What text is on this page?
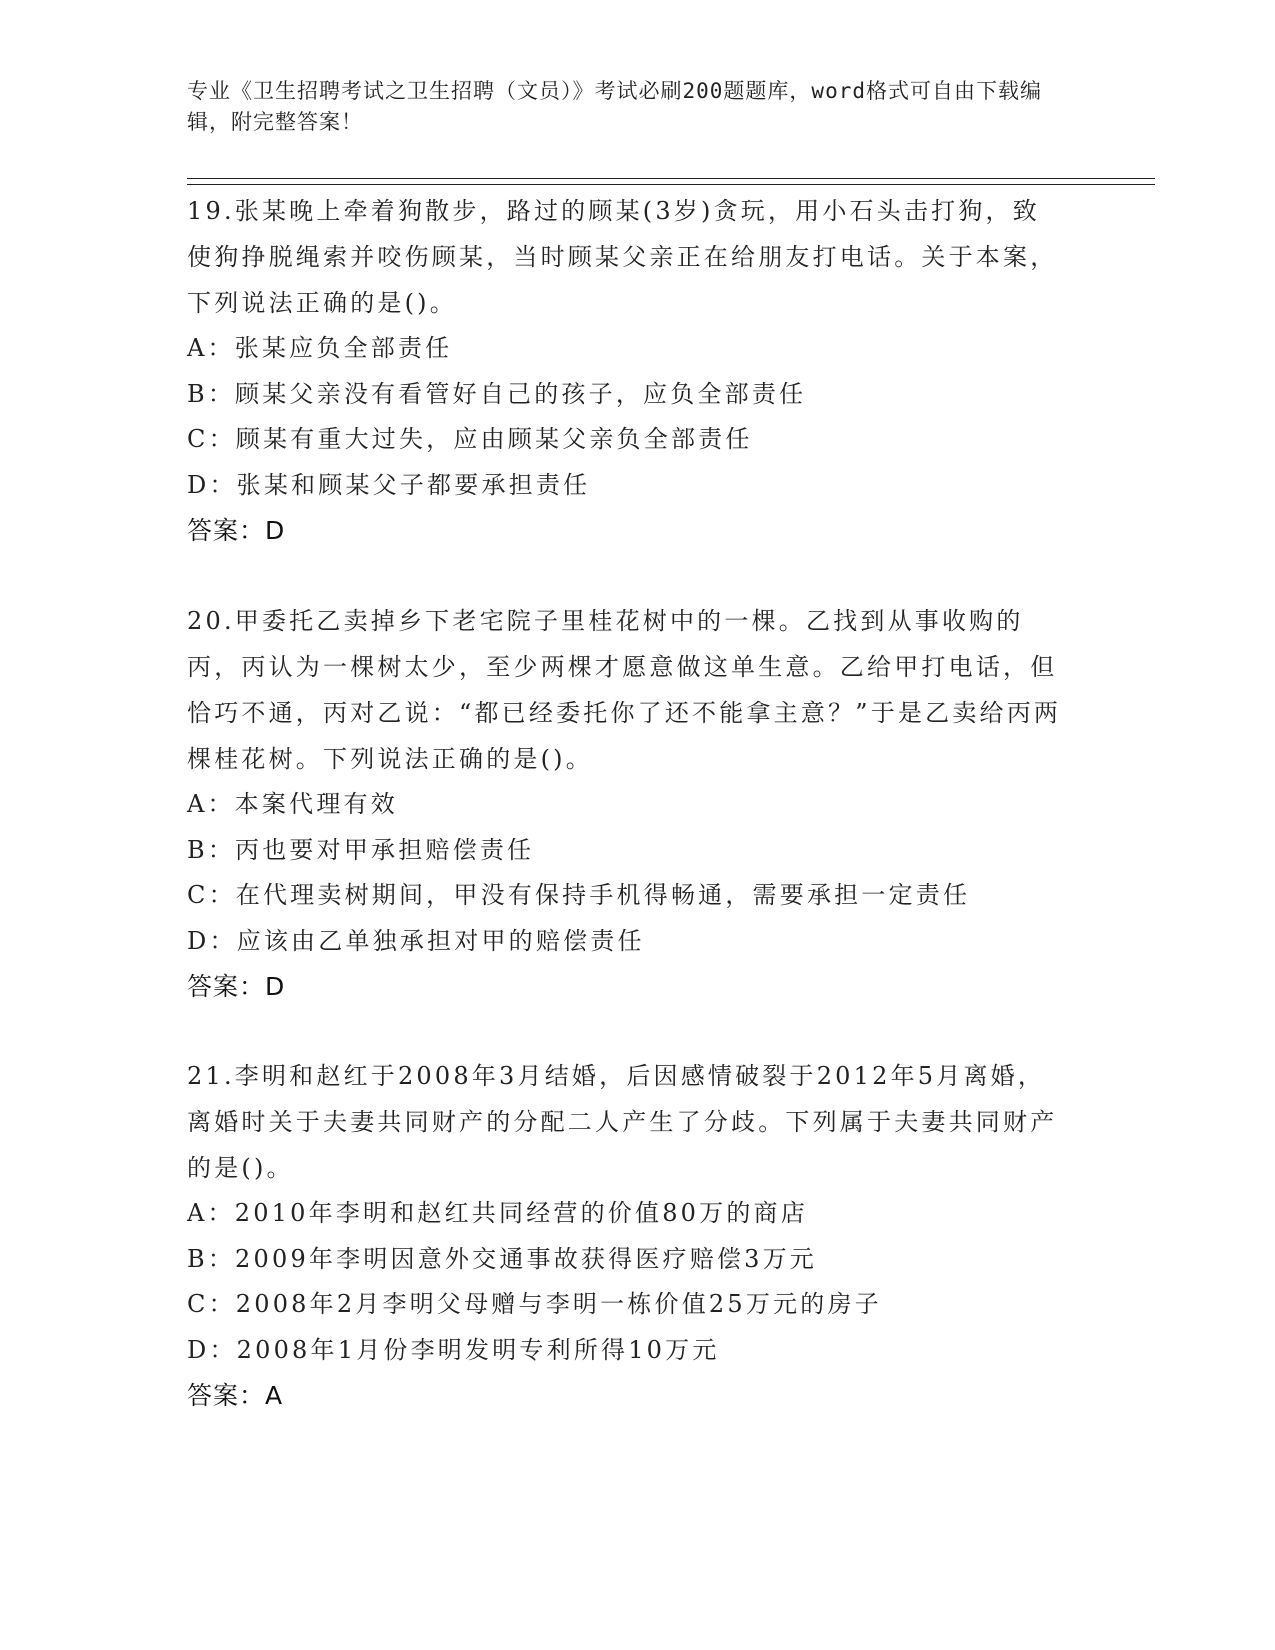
专业《卫生招聘考试之卫生招聘（文员）》考试必刷200题题库，word格式可自由下载编辑，附完整答案！
19.张某晚上牵着狗散步，路过的顾某(3岁)贪玩，用小石头击打狗，致使狗挣脱绳索并咬伤顾某，当时顾某父亲正在给朋友打电话。关于本案，下列说法正确的是()。
A：张某应负全部责任
B：顾某父亲没有看管好自己的孩子，应负全部责任
C：顾某有重大过失，应由顾某父亲负全部责任
D：张某和顾某父子都要承担责任
答案：D
20.甲委托乙卖掉乡下老宅院子里桂花树中的一棵。乙找到从事收购的丙，丙认为一棵树太少，至少两棵才愿意做这单生意。乙给甲打电话，但恰巧不通，丙对乙说：“都已经委托你了还不能拿主意？”于是乙卖给丙两棵桂花树。下列说法正确的是()。
A：本案代理有效
B：丙也要对甲承担赔偿责任
C：在代理卖树期间，甲没有保持手机得畅通，需要承担一定责任
D：应该由乙单独承担对甲的赔偿责任
答案：D
21.李明和赵红于2008年3月结婚，后因感情破裂于2012年5月离婚，离婚时关于夫妻共同财产的分配二人产生了分歧。下列属于夫妻共同财产的是()。
A：2010年李明和赵红共同经营的价值80万的商店
B：2009年李明因意外交通事故获得医疗赔偿3万元
C：2008年2月李明父母赠与李明一栋价值25万元的房子
D：2008年1月份李明发明专利所得10万元
答案：A
